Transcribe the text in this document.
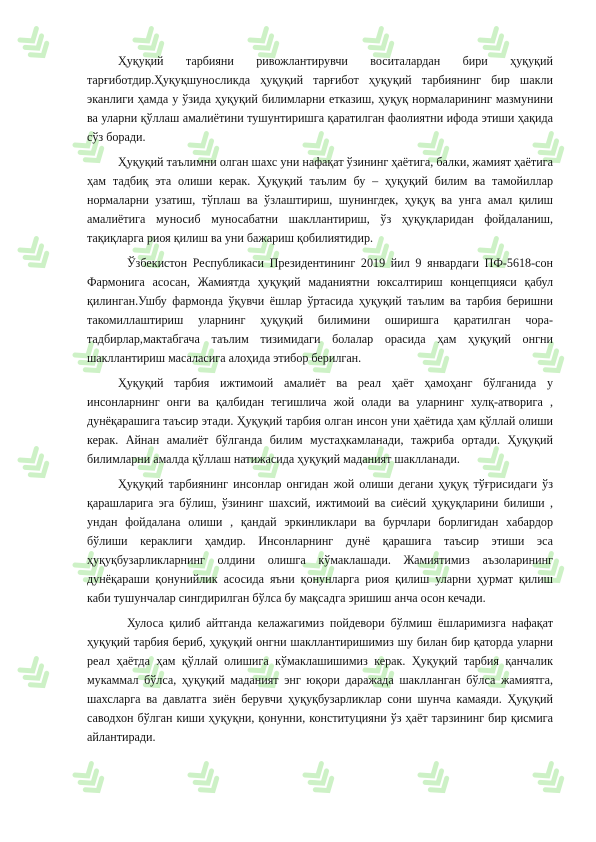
Ҳуқуқий тарбияни ривожлантирувчи воситалардан бири ҳуқуқий тарғиботдир.Ҳуқуқшуносликда ҳуқуқий тарғибот ҳуқуқий тарбиянинг бир шакли эканлиги ҳамда у ўзида ҳуқуқий билимларни етказиш, ҳуқуқ нормаларининг мазмунини ва уларни қўллаш амалиётини тушунтиришга қаратилган фаолиятни ифода этиши ҳақида сўз боради.

Ҳуқуқий таълимни олган шахс уни нафақат ўзининг ҳаётига, балки, жамият ҳаётига ҳам тадбиқ эта олиши керак. Ҳуқуқий таълим бу – ҳуқуқий билим ва тамойиллар нормаларни узатиш, тўплаш ва ўзлаштириш, шунингдек, ҳуқуқ ва унга амал қилиш амалиётига муносиб муносабатни шакллантириш, ўз ҳуқуқларидан фойдаланиш, тақиқларга риоя қилиш ва уни бажариш қобилиятидир.

Ўзбекистон Республикаси Президентининг 2019 йил 9 январдаги ПФ-5618-сон Фармонига асосан, Жамиятда ҳуқуқий маданиятни юксалтириш концепцияси қабул қилинган.Ушбу фармонда ўқувчи ёшлар ўртасида ҳуқуқий таълим ва тарбия беришни такомиллаштириш уларнинг ҳуқуқий билимини оширишга қаратилган чора-тадбирлар,мактабгача таълим тизимидаги болалар орасида ҳам ҳуқуқий онгни шакллантириш масаласига алоҳида этибор берилган.

Ҳуқуқий тарбия ижтимоий амалиёт ва реал ҳаёт ҳамоҳанг бўлганида у инсонларнинг онги ва қалбидан тегишлича жой олади ва уларнинг хулқ-атворига , дунёқарашига таъсир этади. Ҳуқуқий тарбия олган инсон уни ҳаётида ҳам қўллай олиши керак. Айнан амалиёт бўлганда билим мустаҳкамланади, тажриба ортади. Ҳуқуқий билимларни амалда қўллаш натижасида ҳуқуқий маданият шаклланади.

Ҳуқуқий тарбиянинг инсонлар онгидан жой олиши дегани ҳуқуқ тўғрисидаги ўз қарашларига эга бўлиш, ўзининг шахсий, ижтимоий ва сиёсий ҳуқуқларини билиши , ундан фойдалана олиши , қандай эркинликлари ва бурчлари борлигидан хабардор бўлиши кераклиги ҳамдир. Инсонларнинг дунё қарашига таъсир этиши эса ҳуқуқбузарликларнинг олдини олишга кўмаклашади. Жамиятимиз аъзоларининг дунёқараши қонунийлик асосида яъни қонунларга риоя қилиш уларни ҳурмат қилиш каби тушунчалар сингдирилган бўлса бу мақсадга эришиш анча осон кечади.

Хулоса қилиб айтганда келажагимиз пойдевори бўлмиш ёшларимизга нафақат ҳуқуқий тарбия бериб, ҳуқуқий онгни шакллантиришимиз шу билан бир қаторда уларни реал ҳаётда ҳам қўллай олишига кўмаклашишимиз керак. Ҳуқуқий тарбия қанчалик мукаммал бўлса, ҳуқуқий маданият энг юқори даражада шаклланган бўлса жамиятга, шахсларга ва давлатга зиён берувчи ҳуқуқбузарликлар сони шунча камаяди. Ҳуқуқий саводхон бўлган киши ҳуқуқни, қонунни, конституцияни ўз ҳаёт тарзининг бир қисмига айлантиради.
